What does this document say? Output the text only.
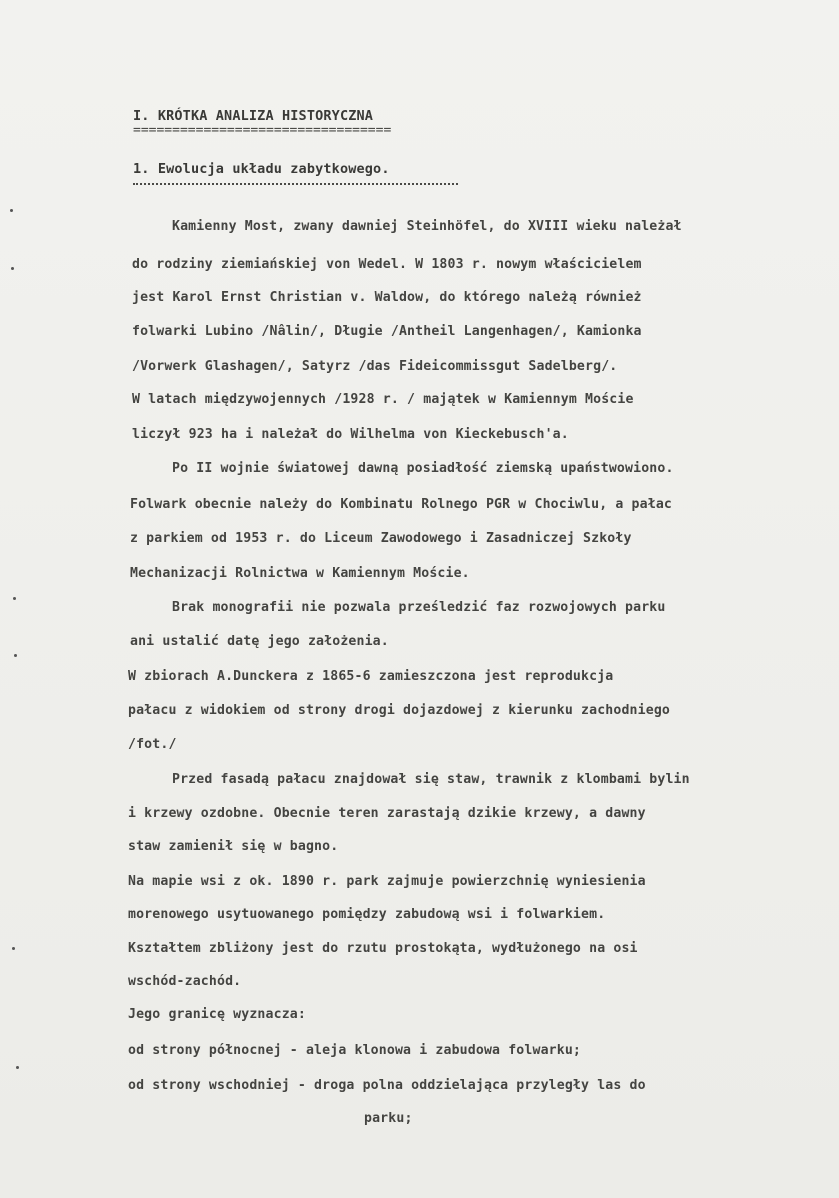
I. KRÓTKA ANALIZA HISTORYCZNA
=================================
1. Ewolucja układu zabytkowego.
Kamienny Most, zwany dawniej Steinhöfel, do XVIII wieku należał
do rodziny ziemiańskiej von Wedel. W 1803 r. nowym właścicielem
jest Karol Ernst Christian v. Waldow, do którego należą również
folwarki Lubino /Nâlin/, Długie /Antheil Langenhagen/, Kamionka
/Vorwerk Glashagen/, Satyrz /das Fideicommissgut Sadelberg/.
W latach międzywojennych /1928 r. / majątek w Kamiennym Moście
liczył 923 ha i należał do Wilhelma von Kieckebusch'a.
Po II wojnie światowej dawną posiadłość ziemską upaństwowiono.
Folwark obecnie należy do Kombinatu Rolnego PGR w Chociwlu, a pałac
z parkiem od 1953 r. do Liceum Zawodowego i Zasadniczej Szkoły
Mechanizacji Rolnictwa w Kamiennym Moście.
Brak monografii nie pozwala prześledzić faz rozwojowych parku
ani ustalić datę jego założenia.
W zbiorach A.Dunckera z 1865-6 zamieszczona jest reprodukcja
pałacu z widokiem od strony drogi dojazdowej z kierunku zachodniego
/fot./
Przed fasadą pałacu znajdował się staw, trawnik z klombami bylin
i krzewy ozdobne. Obecnie teren zarastają dzikie krzewy, a dawny
staw zamienił się w bagno.
Na mapie wsi z ok. 1890 r. park zajmuje powierzchnię wyniesienia
morenowego usytuowanego pomiędzy zabudową wsi i folwarkiem.
Kształtem zbliżony jest do rzutu prostokąta, wydłużonego na osi
wschód-zachód.
Jego granicę wyznacza:
od strony północnej - aleja klonowa i zabudowa folwarku;
od strony wschodniej - droga polna oddzielająca przyległy las do
parku;
